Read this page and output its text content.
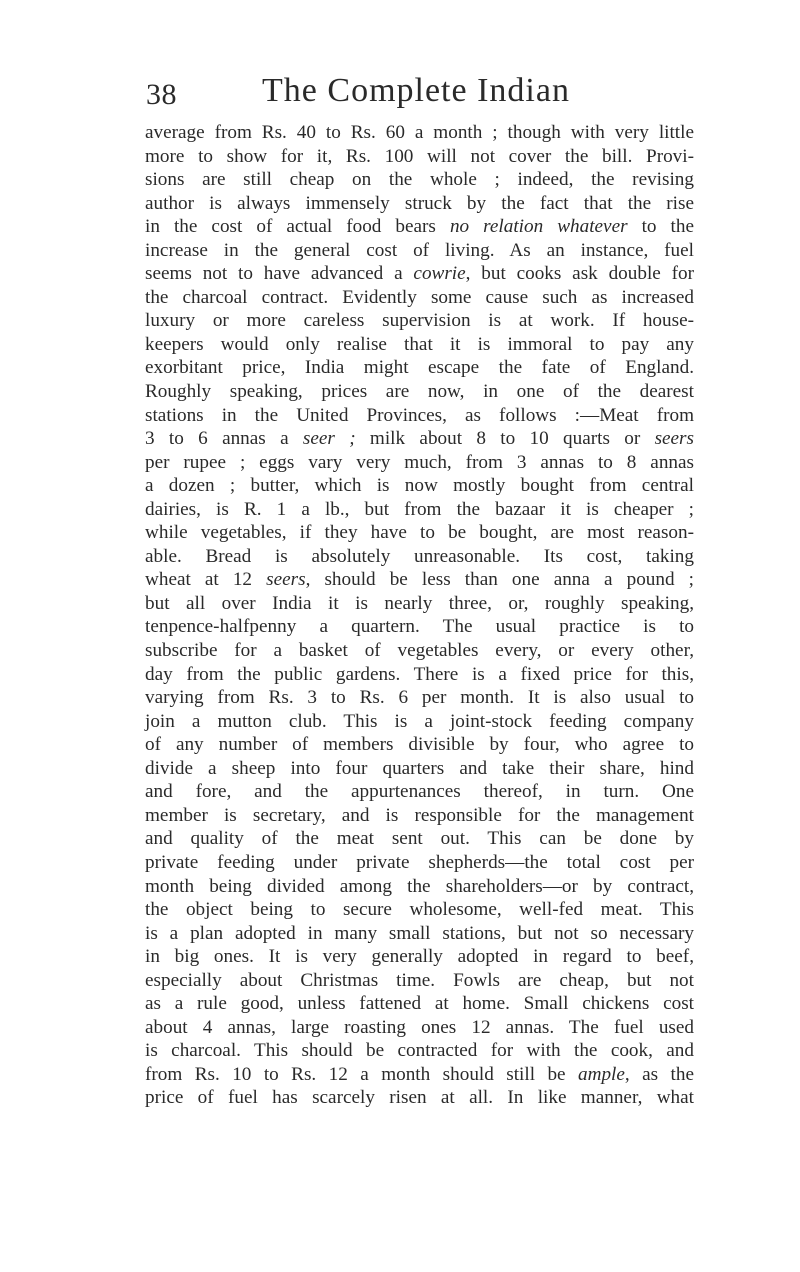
38	The Complete Indian
average from Rs. 40 to Rs. 60 a month ; though with very little
more to show for it, Rs. 100 will not cover the bill. Provi-
sions are still cheap on the whole ; indeed, the revising
author is always immensely struck by the fact that the rise
in the cost of actual food bears no relation whatever to the
increase in the general cost of living. As an instance, fuel
seems not to have advanced a cowrie, but cooks ask double for
the charcoal contract. Evidently some cause such as increased
luxury or more careless supervision is at work. If house-
keepers would only realise that it is immoral to pay any
exorbitant price, India might escape the fate of England.
Roughly speaking, prices are now, in one of the dearest
stations in the United Provinces, as follows :—Meat from
3 to 6 annas a seer ; milk about 8 to 10 quarts or seers
per rupee ; eggs vary very much, from 3 annas to 8 annas
a dozen ; butter, which is now mostly bought from central
dairies, is R. 1 a lb., but from the bazaar it is cheaper ;
while vegetables, if they have to be bought, are most reason-
able. Bread is absolutely unreasonable. Its cost, taking
wheat at 12 seers, should be less than one anna a pound ;
but all over India it is nearly three, or, roughly speaking,
tenpence-halfpenny a quartern. The usual practice is to
subscribe for a basket of vegetables every, or every other,
day from the public gardens. There is a fixed price for this,
varying from Rs. 3 to Rs. 6 per month. It is also usual to
join a mutton club. This is a joint-stock feeding company
of any number of members divisible by four, who agree to
divide a sheep into four quarters and take their share, hind
and fore, and the appurtenances thereof, in turn. One
member is secretary, and is responsible for the management
and quality of the meat sent out. This can be done by
private feeding under private shepherds—the total cost per
month being divided among the shareholders—or by contract,
the object being to secure wholesome, well-fed meat. This
is a plan adopted in many small stations, but not so necessary
in big ones. It is very generally adopted in regard to beef,
especially about Christmas time. Fowls are cheap, but not
as a rule good, unless fattened at home. Small chickens cost
about 4 annas, large roasting ones 12 annas. The fuel used
is charcoal. This should be contracted for with the cook, and
from Rs. 10 to Rs. 12 a month should still be ample, as the
price of fuel has scarcely risen at all. In like manner, what
